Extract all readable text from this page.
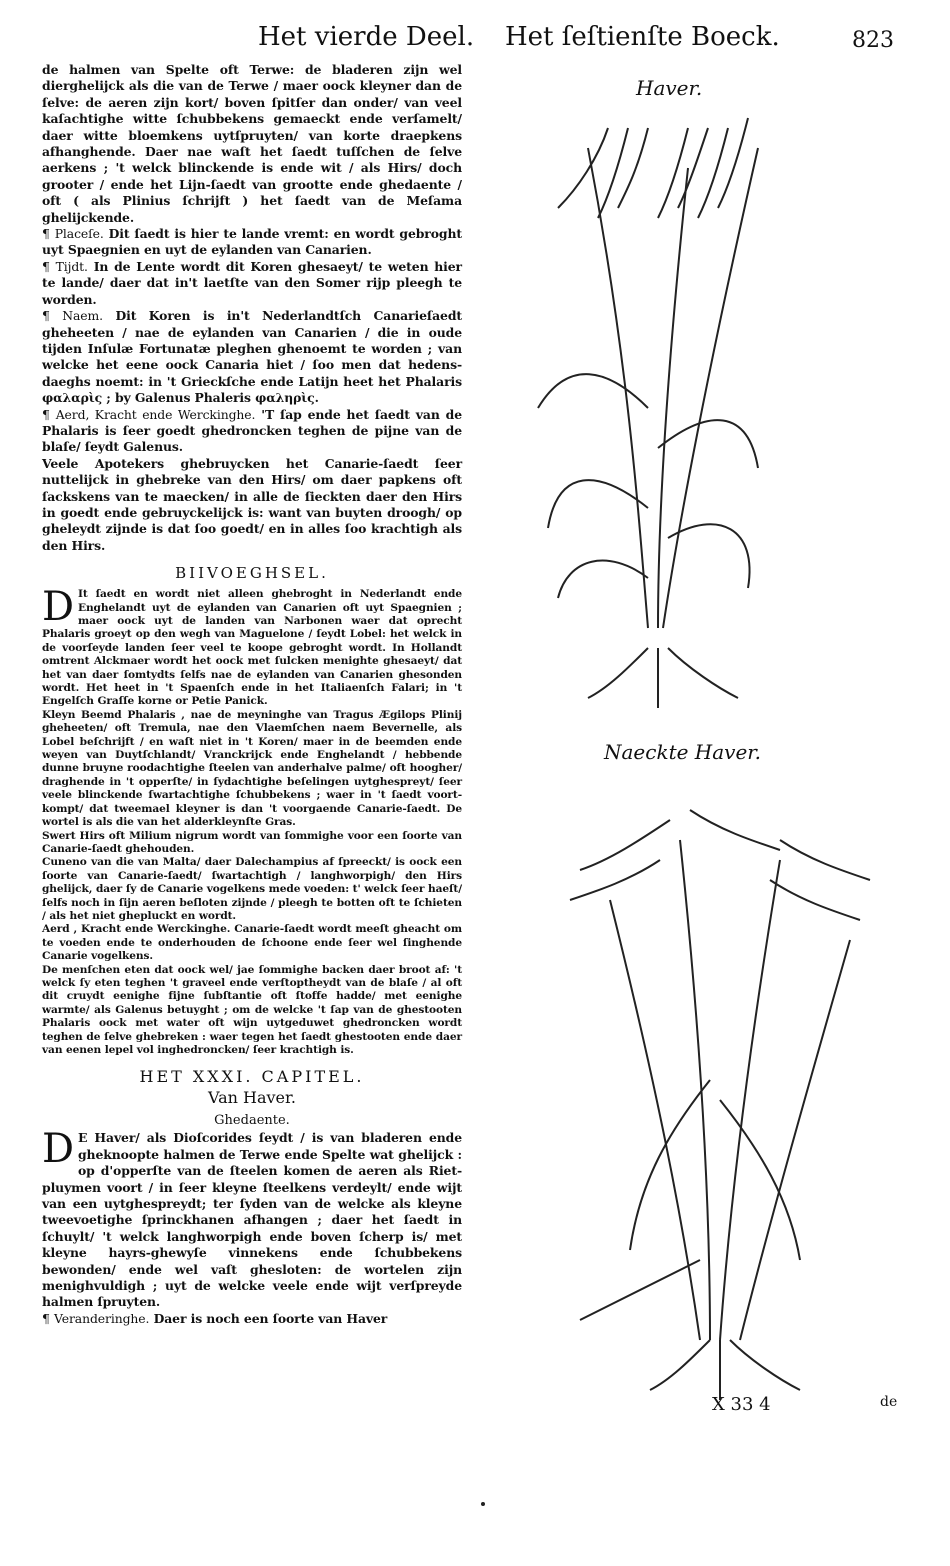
Het vierde Deel. Het ſeſtienſte Boeck.	823

de halmen van Spelte oft Terwe: de bladeren zijn wel dierghelijck als die van de Terwe / maer oock kleyner dan de ſelve: de aeren zijn kort/ boven ſpitſer dan onder/ van veel kaſachtighe witte ſchubbekens gemaeckt ende verſamelt/ daer witte bloemkens uytſpruyten/ van korte draepkens afhanghende. Daer nae waſt het ſaedt tuſſchen de ſelve aerkens ; 't welck blinckende is ende wit / als Hirs/ doch grooter / ende het Lijn-ſaedt van grootte ende ghedaente / oft ( als Plinius ſchrijft ) het ſaedt van de Meſama ghelijckende.

¶ Placeſe. Dit ſaedt is hier te lande vremt: en wordt gebroght uyt Spaegnien en uyt de eylanden van Canarien.

¶ Tijdt. In de Lente wordt dit Koren ghesaeyt/ te weten hier te lande/ daer dat in't laetſte van den Somer rijp pleegh te worden.

¶ Naem. Dit Koren is in't Nederlandtſch Canarieſaedt gheheeten / nae de eylanden van Canarien / die in oude tijden Inſulæ Fortunatæ pleghen ghenoemt te worden ; van welcke het eene oock Canaria hiet / ſoo men dat hedens-daeghs noemt: in 't Grieckſche ende Latijn heet het Phalaris φαλαρὶς ; by Galenus Phaleris φαληρὶς.

¶ Aerd, Kracht ende Werckinghe. 'T ſap ende het ſaedt van de Phalaris is ſeer goedt ghedroncken teghen de pijne van de blaſe/ ſeydt Galenus.

Veele Apotekers ghebruycken het Canarie-ſaedt ſeer nuttelijck in ghebreke van den Hirs/ om daer papkens oft ſackskens van te maecken/ in alle de ſieckten daer den Hirs in goedt ende gebruyckelijck is: want van buyten droogh/ op gheleydt zijnde is dat ſoo goedt/ en in alles ſoo krachtigh als den Hirs.

BIIVOEGHSEL.

D It ſaedt en wordt niet alleen ghebroght in Nederlandt ende Enghelandt uyt de eylanden van Canarien oft uyt Spaegnien ; maer oock uyt de landen van Narbonen waer dat oprecht Phalaris groeyt op den wegh van Maguelone / ſeydt Lobel: het welck in de voorſeyde landen ſeer veel te koope gebroght wordt. In Hollandt omtrent Alckmaer wordt het oock met ſulcken menighte ghesaeyt/ dat het van daer ſomtydts ſelfs nae de eylanden van Canarien ghesonden wordt. Het heet in 't Spaenſch ende in het Italiaenſch Falari; in 't Engelſch Graſſe korne or Petie Panick.

Kleyn Beemd Phalaris , nae de meyninghe van Tragus Ægilops Plinij gheheeten/ oft Tremula, nae den Vlaemſchen naem Bevernelle, als Lobel beſchrijft / en waſt niet in 't Koren/ maer in de beemden ende weyen van Duytſchlandt/ Vranckrijck ende Enghelandt / hebbende dunne bruyne roodachtighe ſteelen van anderhalve palme/ oft hoogher/ draghende in 't opperſte/ in ſydachtighe beſelingen uytghespreyt/ ſeer veele blinckende ſwartachtighe ſchubbekens ; waer in 't ſaedt voort-kompt/ dat tweemael kleyner is dan 't voorgaende Canarie-ſaedt. De wortel is als die van het alderkleynſte Gras.

Swert Hirs oft Milium nigrum wordt van ſommighe voor een ſoorte van Canarie-ſaedt ghehouden.

Cuneno van die van Malta/ daer Dalechampius af ſpreeckt/ is oock een ſoorte van Canarie-ſaedt/ ſwartachtigh / langhworpigh/ den Hirs ghelijck, daer ſy de Canarie vogelkens mede voeden: t' welck ſeer haeſt/ ſelfs noch in ſijn aeren beſloten zijnde / pleegh te botten oft te ſchieten / als het niet ghepluckt en wordt.

Aerd , Kracht ende Werckinghe. Canarie-ſaedt wordt meeſt gheacht om te voeden ende te onderhouden de ſchoone ende ſeer wel ſinghende Canarie vogelkens.

De menſchen eten dat oock wel/ jae ſommighe backen daer broot af: 't welck ſy eten teghen 't graveel ende verſtoptheydt van de blaſe / al oft dit cruydt eenighe fijne ſubſtantie oft ſtoffe hadde/ met eenighe warmte/ als Galenus betuyght ; om de welcke 't ſap van de ghestooten Phalaris oock met water oft wijn uytgeduwet ghedroncken wordt teghen de ſelve ghebreken : waer tegen het ſaedt ghestooten ende daer van eenen lepel vol inghedroncken/ ſeer krachtigh is.

HET XXXI. CAPITEL.
Van Haver.
Ghedaente.

D E Haver/ als Dioſcorides ſeydt / is van bladeren ende gheknoopte halmen de Terwe ende Spelte wat ghelijck : op d'opperſte van de ſteelen komen de aeren als Riet-pluymen voort / in ſeer kleyne ſteelkens verdeylt/ ende wijt van een uytghespreydt; ter ſyden van de welcke als kleyne tweevoetighe ſprinckhanen afhangen ; daer het ſaedt in ſchuylt/ 't welck langhworpigh ende boven ſcherp is/ met kleyne hayrs-ghewyſe vinnekens ende ſchubbekens bewonden/ ende wel vaſt ghesloten: de wortelen zijn menighvuldigh ; uyt de welcke veele ende wijt verſpreyde halmen ſpruyten.

¶ Veranderinghe. Daer is noch een ſoorte van Haver

Haver.
Naeckte Haver.
X 33 4	de
